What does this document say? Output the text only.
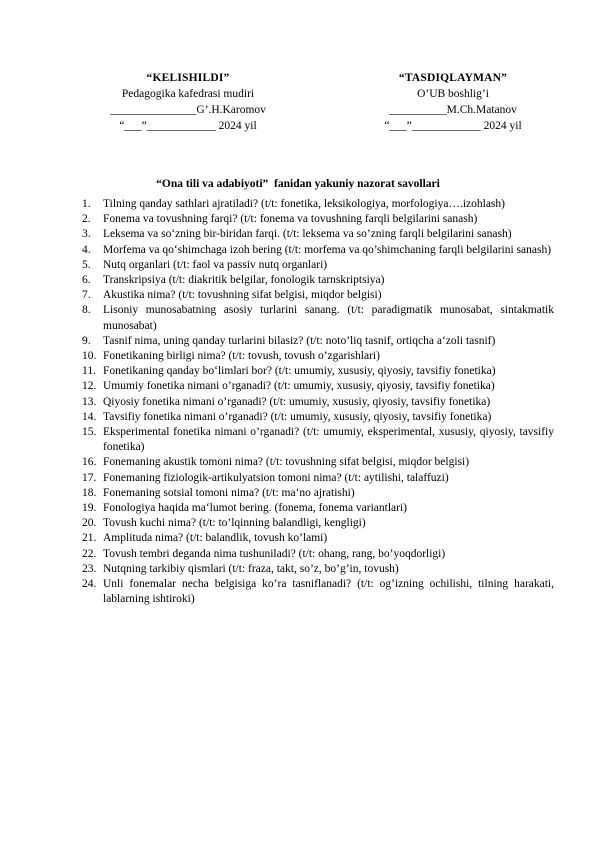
“KELISHILDI”
Pedagogika kafedrasi mudiri
_______________G’.H.Karomov
“___”____________ 2024 yil
“TASDIQLAYMAN”
O’UB boshlig’i
__________M.Ch.Matanov
“___”____________ 2024 yil
“Ona tili va adabiyoti”  fanidan yakuniy nazorat savollari
1. Tilning qanday sathlari ajratiladi? (t/t: fonetika, leksikologiya, morfologiya….izohlash)
2. Fonema va tovushning farqi? (t/t: fonema va tovushning farqli belgilarini sanash)
3. Leksema va so‘zning bir-biridan farqi. (t/t: leksema va so’zning farqli belgilarini sanash)
4. Morfema va qo‘shimchaga izoh bering (t/t: morfema va qo’shimchaning farqli belgilarini sanash)
5. Nutq organlari (t/t: faol va passiv nutq organlari)
6. Transkripsiya (t/t: diakritik belgilar, fonologik tarnskriptsiya)
7. Akustika nima? (t/t: tovushning sifat belgisi, miqdor belgisi)
8. Lisoniy munosabatning asosiy turlarini sanang. (t/t: paradigmatik munosabat, sintakmatik munosabat)
9. Tasnif nima, uning qanday turlarini bilasiz? (t/t: noto’liq tasnif, ortiqcha a‘zoli tasnif)
10. Fonetikaning birligi nima? (t/t: tovush, tovush o’zgarishlari)
11. Fonetikaning qanday bo‘limlari bor? (t/t: umumiy, xususiy, qiyosiy, tavsifiy fonetika)
12. Umumiy fonetika nimani o’rganadi? (t/t: umumiy, xususiy, qiyosiy, tavsifiy fonetika)
13. Qiyosiy fonetika nimani o’rganadi? (t/t: umumiy, xususiy, qiyosiy, tavsifiy fonetika)
14. Tavsifiy fonetika nimani o’rganadi? (t/t: umumiy, xususiy, qiyosiy, tavsifiy fonetika)
15. Eksperimental fonetika nimani o’rganadi? (t/t: umumiy, eksperimental, xususiy, qiyosiy, tavsifiy fonetika)
16. Fonemaning akustik tomoni nima? (t/t: tovushning sifat belgisi, miqdor belgisi)
17. Fonemaning fiziologik-artikulyatsion tomoni nima? (t/t: aytilishi, talaffuzi)
18. Fonemaning sotsial tomoni nima? (t/t: ma‘no ajratishi)
19. Fonologiya haqida ma‘lumot bering. (fonema, fonema variantlari)
20. Tovush kuchi nima? (t/t: to’lqinning balandligi, kengligi)
21. Amplituda nima? (t/t: balandlik, tovush ko’lami)
22. Tovush tembri deganda nima tushuniladi? (t/t: ohang, rang, bo’yoqdorligi)
23. Nutqning tarkibiy qismlari (t/t: fraza, takt, so’z, bo’g’in, tovush)
24. Unli fonemalar necha belgisiga ko’ra tasniflanadi? (t/t: og’izning ochilishi, tilning harakati, lablarning ishtiroki)
